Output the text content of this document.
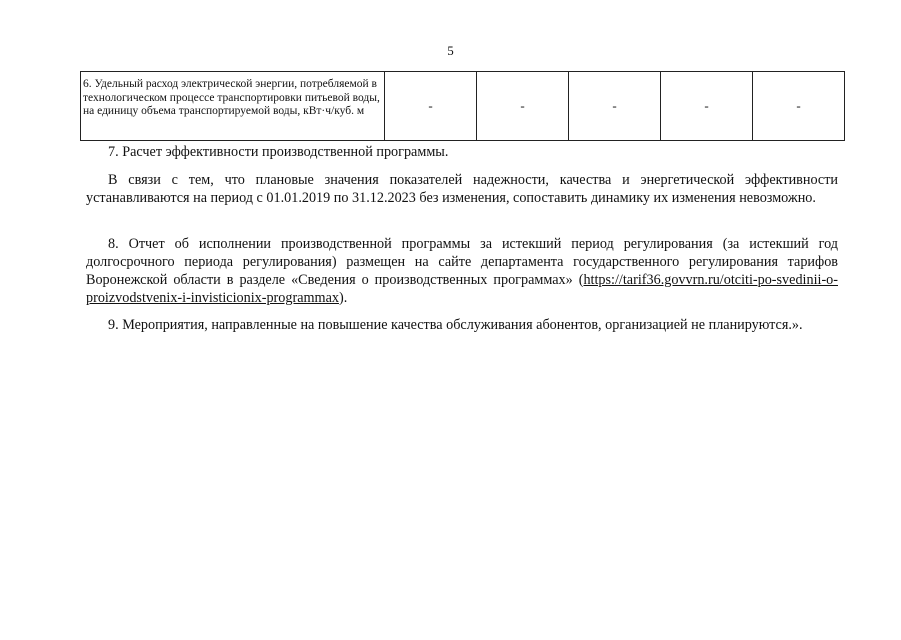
5
6. Удельный расход электрической энергии, потребляемой в технологическом процессе транспортировки питьевой воды, на единицу объема транспортируемой воды, кВт·ч/куб. м	-	-	-	-	-

7. Расчет эффективности производственной программы.

В связи с тем, что плановые значения показателей надежности, качества и энергетической эффективности устанавливаются на период с 01.01.2019 по 31.12.2023 без изменения, сопоставить динамику их изменения невозможно.

8. Отчет об исполнении производственной программы за истекший период регулирования (за истекший год долгосрочного периода регулирования) размещен на сайте департамента государственного регулирования тарифов Воронежской области в разделе «Сведения о производственных программах» (https://tarif36.govvrn.ru/otciti-po-svedinii-o-proizvodstvenix-i-invisticionix-programmax).

9. Мероприятия, направленные на повышение качества обслуживания абонентов, организацией не планируются.».
